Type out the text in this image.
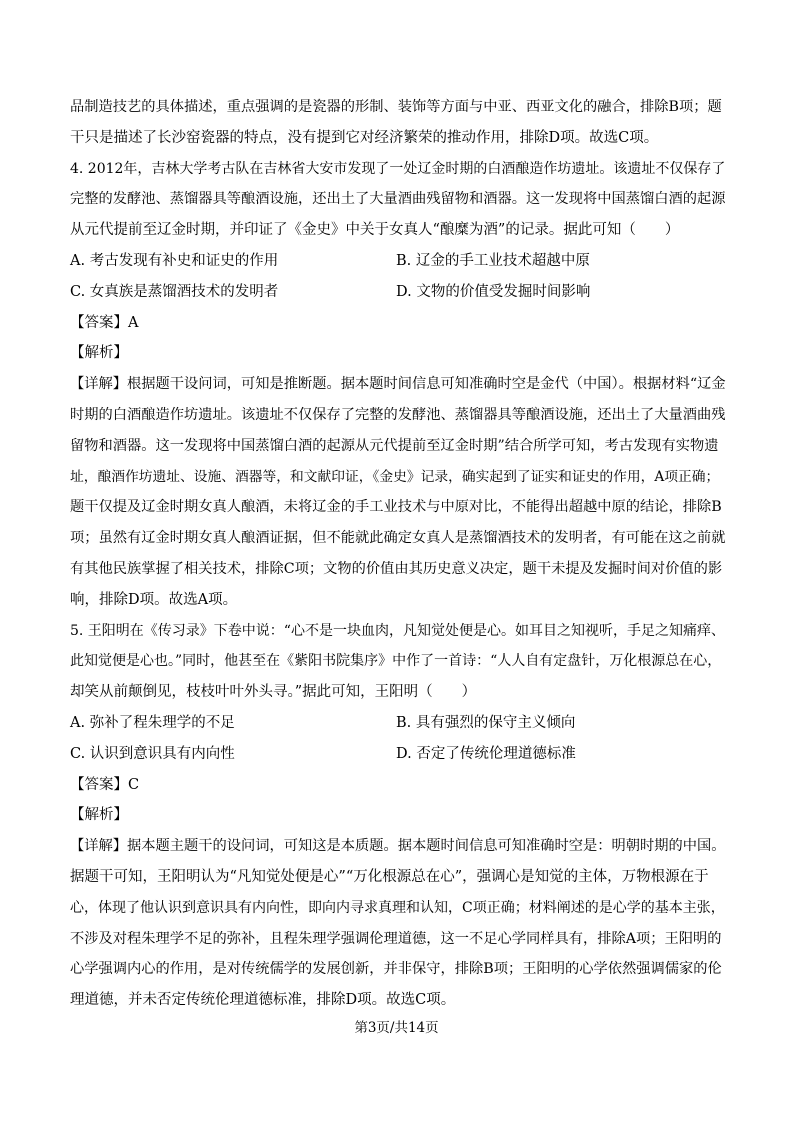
品制造技艺的具体描述，重点强调的是瓷器的形制、装饰等方面与中亚、西亚文化的融合，排除B项；题
干只是描述了长沙窑瓷器的特点，没有提到它对经济繁荣的推动作用，排除D项。故选C项。
4. 2012年，吉林大学考古队在吉林省大安市发现了一处辽金时期的白酒酿造作坊遗址。该遗址不仅保存了
完整的发酵池、蒸馏器具等酿酒设施，还出土了大量酒曲残留物和酒器。这一发现将中国蒸馏白酒的起源
从元代提前至辽金时期，并印证了《金史》中关于女真人“酿糜为酒”的记录。据此可知（　　）
A. 考古发现有补史和证史的作用	B. 辽金的手工业技术超越中原
C. 女真族是蒸馏酒技术的发明者	D. 文物的价值受发掘时间影响
【答案】A
【解析】
【详解】根据题干设问词，可知是推断题。据本题时间信息可知准确时空是金代（中国）。根据材料“辽金
时期的白酒酿造作坊遗址。该遗址不仅保存了完整的发酵池、蒸馏器具等酿酒设施，还出土了大量酒曲残
留物和酒器。这一发现将中国蒸馏白酒的起源从元代提前至辽金时期”结合所学可知，考古发现有实物遗
址，酿酒作坊遗址、设施、酒器等，和文献印证，《金史》记录，确实起到了证实和证史的作用，A项正确；
题干仅提及辽金时期女真人酿酒，未将辽金的手工业技术与中原对比，不能得出超越中原的结论，排除B
项；虽然有辽金时期女真人酿酒证据，但不能就此确定女真人是蒸馏酒技术的发明者，有可能在这之前就
有其他民族掌握了相关技术，排除C项；文物的价值由其历史意义决定，题干未提及发掘时间对价值的影
响，排除D项。故选A项。
5. 王阳明在《传习录》下卷中说：“心不是一块血肉，凡知觉处便是心。如耳目之知视听，手足之知痛痒、
此知觉便是心也。”同时，他甚至在《紫阳书院集序》中作了一首诗：“人人自有定盘针，万化根源总在心，
却笑从前颠倒见，枝枝叶叶外头寻。”据此可知，王阳明（　　）
A. 弥补了程朱理学的不足	B. 具有强烈的保守主义倾向
C. 认识到意识具有内向性	D. 否定了传统伦理道德标准
【答案】C
【解析】
【详解】据本题主题干的设问词，可知这是本质题。据本题时间信息可知准确时空是：明朝时期的中国。
据题干可知，王阳明认为“凡知觉处便是心”“万化根源总在心”，强调心是知觉的主体，万物根源在于
心，体现了他认识到意识具有内向性，即向内寻求真理和认知，C项正确；材料阐述的是心学的基本主张，
不涉及对程朱理学不足的弥补，且程朱理学强调伦理道德，这一不足心学同样具有，排除A项；王阳明的
心学强调内心的作用，是对传统儒学的发展创新，并非保守，排除B项；王阳明的心学依然强调儒家的伦
理道德，并未否定传统伦理道德标准，排除D项。故选C项。
第3页/共14页
